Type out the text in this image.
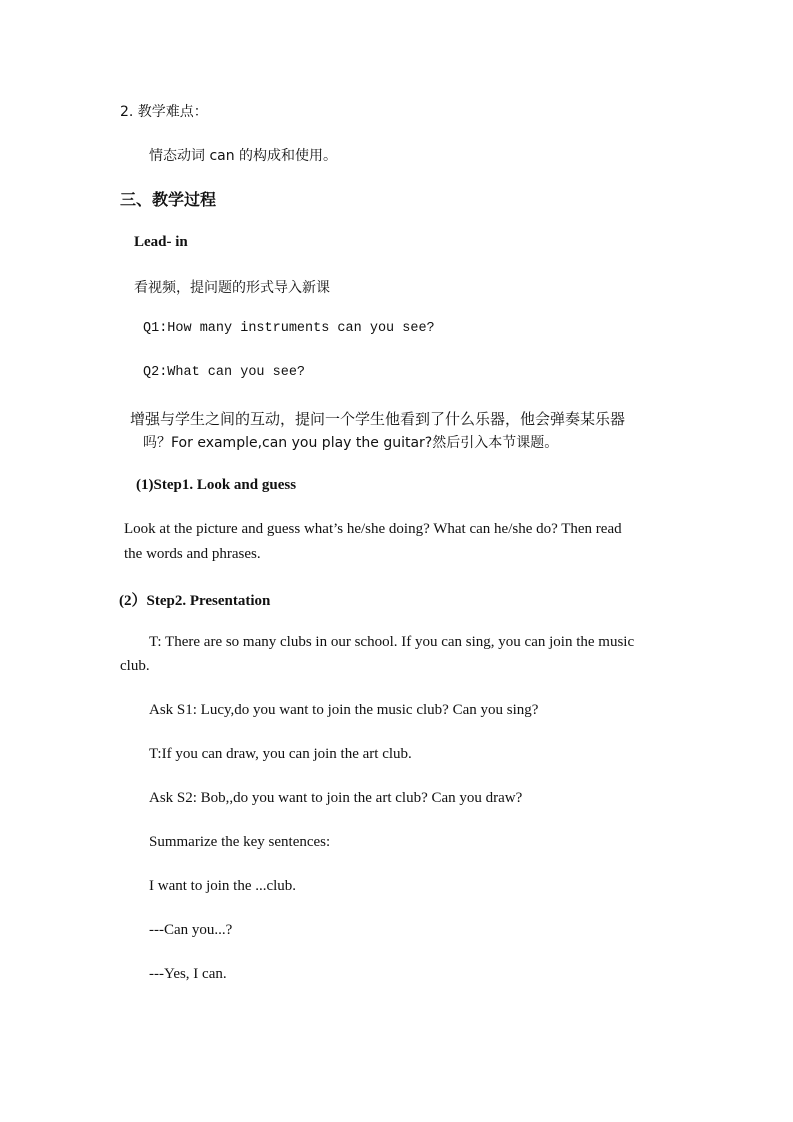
2. 教学难点：
情态动词 can 的构成和使用。
三、教学过程
Lead- in
看视频，提问题的形式导入新课
Q1:How many instruments can you see?
Q2:What can you see?
增强与学生之间的互动，提问一个学生他看到了什么乐器，他会弹奏某乐器
吗？For example,can you play the guitar?然后引入本节课题。
(1)Step1. Look and guess
Look at the picture and guess what’s he/she doing? What can he/she do? Then read
the words and phrases.
(2）Step2. Presentation
T: There are so many clubs in our school. If you can sing, you can join the music
club.
Ask S1: Lucy,do you want to join the music club? Can you sing?
T:If you can draw, you can join the art club.
Ask S2: Bob,,do you want to join the art club? Can you draw?
Summarize the key sentences:
I want to join the ...club.
---Can you...?
---Yes, I can.
